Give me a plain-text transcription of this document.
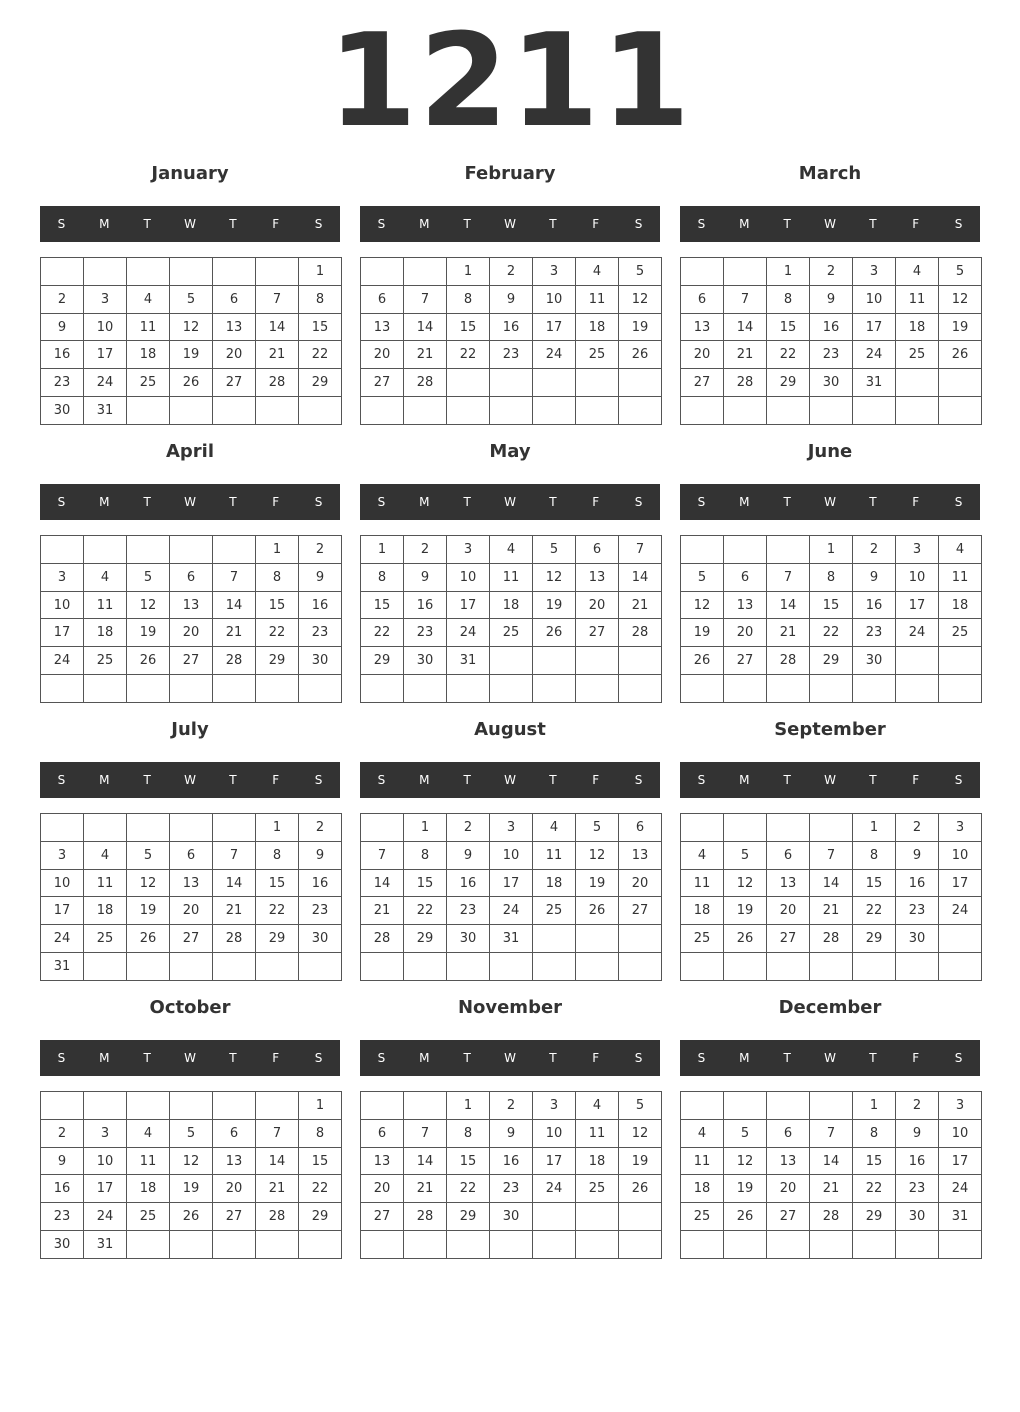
1211
January
S	M	T	W	T	F	S
						1
2	3	4	5	6	7	8
9	10	11	12	13	14	15
16	17	18	19	20	21	22
23	24	25	26	27	28	29
30	31					
February
S	M	T	W	T	F	S
		1	2	3	4	5
6	7	8	9	10	11	12
13	14	15	16	17	18	19
20	21	22	23	24	25	26
27	28					

March
S	M	T	W	T	F	S
		1	2	3	4	5
6	7	8	9	10	11	12
13	14	15	16	17	18	19
20	21	22	23	24	25	26
27	28	29	30	31		

April
S	M	T	W	T	F	S
					1	2
3	4	5	6	7	8	9
10	11	12	13	14	15	16
17	18	19	20	21	22	23
24	25	26	27	28	29	30

May
S	M	T	W	T	F	S
1	2	3	4	5	6	7
8	9	10	11	12	13	14
15	16	17	18	19	20	21
22	23	24	25	26	27	28
29	30	31				

June
S	M	T	W	T	F	S
			1	2	3	4
5	6	7	8	9	10	11
12	13	14	15	16	17	18
19	20	21	22	23	24	25
26	27	28	29	30		

July
S	M	T	W	T	F	S
					1	2
3	4	5	6	7	8	9
10	11	12	13	14	15	16
17	18	19	20	21	22	23
24	25	26	27	28	29	30
31						
August
S	M	T	W	T	F	S
	1	2	3	4	5	6
7	8	9	10	11	12	13
14	15	16	17	18	19	20
21	22	23	24	25	26	27
28	29	30	31			

September
S	M	T	W	T	F	S
				1	2	3
4	5	6	7	8	9	10
11	12	13	14	15	16	17
18	19	20	21	22	23	24
25	26	27	28	29	30	

October
S	M	T	W	T	F	S
						1
2	3	4	5	6	7	8
9	10	11	12	13	14	15
16	17	18	19	20	21	22
23	24	25	26	27	28	29
30	31					
November
S	M	T	W	T	F	S
		1	2	3	4	5
6	7	8	9	10	11	12
13	14	15	16	17	18	19
20	21	22	23	24	25	26
27	28	29	30			

December
S	M	T	W	T	F	S
				1	2	3
4	5	6	7	8	9	10
11	12	13	14	15	16	17
18	19	20	21	22	23	24
25	26	27	28	29	30	31
